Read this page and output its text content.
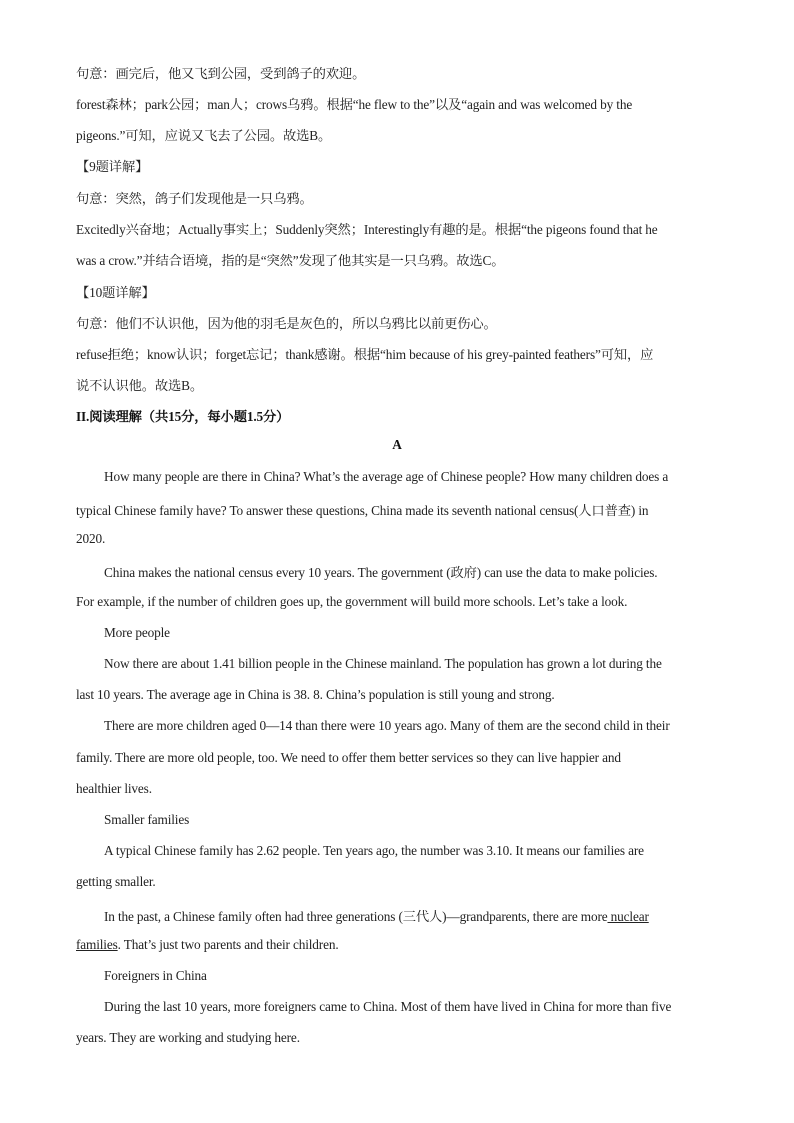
句意：画完后，他又飞到公园，受到鸽子的欢迎。
forest森林；park公园；man人；crows乌鸦。根据“he flew to the”以及“again and was welcomed by the
pigeons.”可知，应说又飞去了公园。故选B。
【9题详解】
句意：突然，鸽子们发现他是一只乌鸦。
Excitedly兴奋地；Actually事实上；Suddenly突然；Interestingly有趣的是。根据“the pigeons found that he
was a crow.”并结合语境，指的是“突然”发现了他其实是一只乌鸦。故选C。
【10题详解】
句意：他们不认识他，因为他的羽毛是灰色的，所以乌鸦比以前更伤心。
refuse拒绝；know认识；forget忘记；thank感谢。根据“him because of his grey-painted feathers”可知，应
说不认识他。故选B。
II.阅读理解（共15分，每小题1.5分）
A
How many people are there in China? What’s the average age of Chinese people? How many children does a
typical Chinese family have? To answer these questions, China made its seventh national census(人口普查) in
2020.
China makes the national census every 10 years. The government (政府) can use the data to make policies.
For example, if the number of children goes up, the government will build more schools. Let’s take a look.
More people
Now there are about 1.41 billion people in the Chinese mainland. The population has grown a lot during the
last 10 years. The average age in China is 38. 8. China’s population is still young and strong.
There are more children aged 0—14 than there were 10 years ago. Many of them are the second child in their
family. There are more old people, too. We need to offer them better services so they can live happier and
healthier lives.
Smaller families
A typical Chinese family has 2.62 people. Ten years ago, the number was 3.10. It means our families are
getting smaller.
In the past, a Chinese family often had three generations (三代人)—grandparents, there are more nuclear
families. That’s just two parents and their children.
Foreigners in China
During the last 10 years, more foreigners came to China. Most of them have lived in China for more than five
years. They are working and studying here.
